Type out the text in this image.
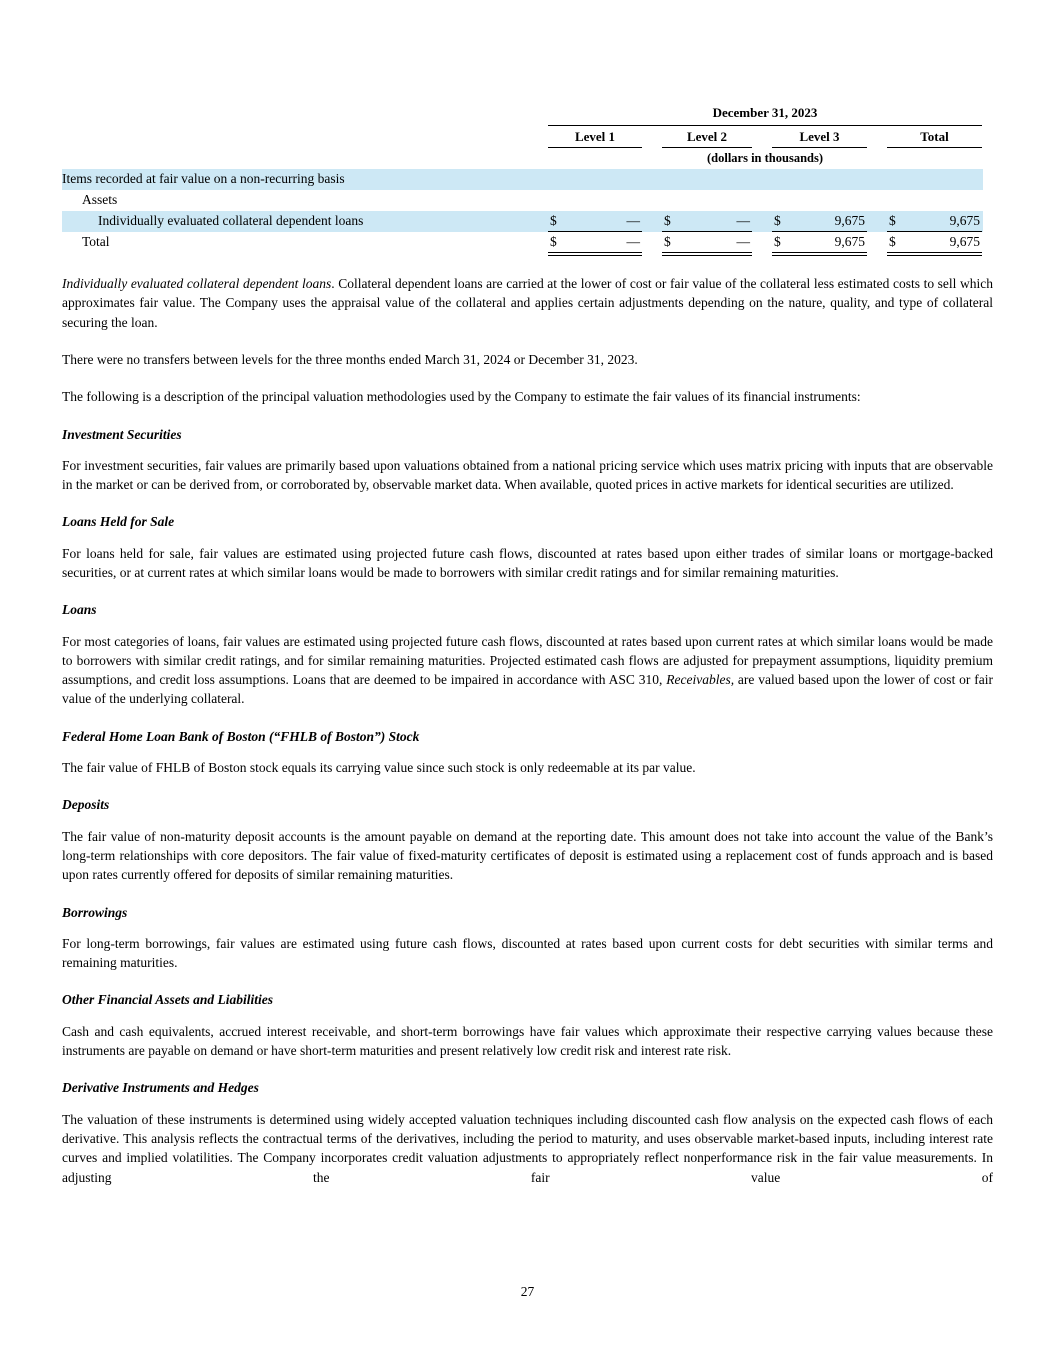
December 31, 2023
Level 1	Level 2	Level 3	Total
(dollars in thousands)
Items recorded at fair value on a non-recurring basis
Assets
Individually evaluated collateral dependent loans	$	— $	— $	9,675 $	9,675
Total	$	— $	— $	9,675 $	9,675

Individually evaluated collateral dependent loans. Collateral dependent loans are carried at the lower of cost or fair value of the collateral less estimated costs to sell which approximates fair value. The Company uses the appraisal value of the collateral and applies certain adjustments depending on the nature, quality, and type of collateral securing the loan.

There were no transfers between levels for the three months ended March 31, 2024 or December 31, 2023.

The following is a description of the principal valuation methodologies used by the Company to estimate the fair values of its financial instruments:

Investment Securities

For investment securities, fair values are primarily based upon valuations obtained from a national pricing service which uses matrix pricing with inputs that are observable in the market or can be derived from, or corroborated by, observable market data. When available, quoted prices in active markets for identical securities are utilized.

Loans Held for Sale

For loans held for sale, fair values are estimated using projected future cash flows, discounted at rates based upon either trades of similar loans or mortgage-backed securities, or at current rates at which similar loans would be made to borrowers with similar credit ratings and for similar remaining maturities.

Loans

For most categories of loans, fair values are estimated using projected future cash flows, discounted at rates based upon current rates at which similar loans would be made to borrowers with similar credit ratings, and for similar remaining maturities. Projected estimated cash flows are adjusted for prepayment assumptions, liquidity premium assumptions, and credit loss assumptions. Loans that are deemed to be impaired in accordance with ASC 310, Receivables, are valued based upon the lower of cost or fair value of the underlying collateral.

Federal Home Loan Bank of Boston (“FHLB of Boston”) Stock

The fair value of FHLB of Boston stock equals its carrying value since such stock is only redeemable at its par value.

Deposits

The fair value of non-maturity deposit accounts is the amount payable on demand at the reporting date. This amount does not take into account the value of the Bank’s long-term relationships with core depositors. The fair value of fixed-maturity certificates of deposit is estimated using a replacement cost of funds approach and is based upon rates currently offered for deposits of similar remaining maturities.

Borrowings

For long-term borrowings, fair values are estimated using future cash flows, discounted at rates based upon current costs for debt securities with similar terms and remaining maturities.

Other Financial Assets and Liabilities

Cash and cash equivalents, accrued interest receivable, and short-term borrowings have fair values which approximate their respective carrying values because these instruments are payable on demand or have short-term maturities and present relatively low credit risk and interest rate risk.

Derivative Instruments and Hedges

The valuation of these instruments is determined using widely accepted valuation techniques including discounted cash flow analysis on the expected cash flows of each derivative. This analysis reflects the contractual terms of the derivatives, including the period to maturity, and uses observable market-based inputs, including interest rate curves and implied volatilities. The Company incorporates credit valuation adjustments to appropriately reflect nonperformance risk in the fair value measurements. In adjusting the fair value of

27
